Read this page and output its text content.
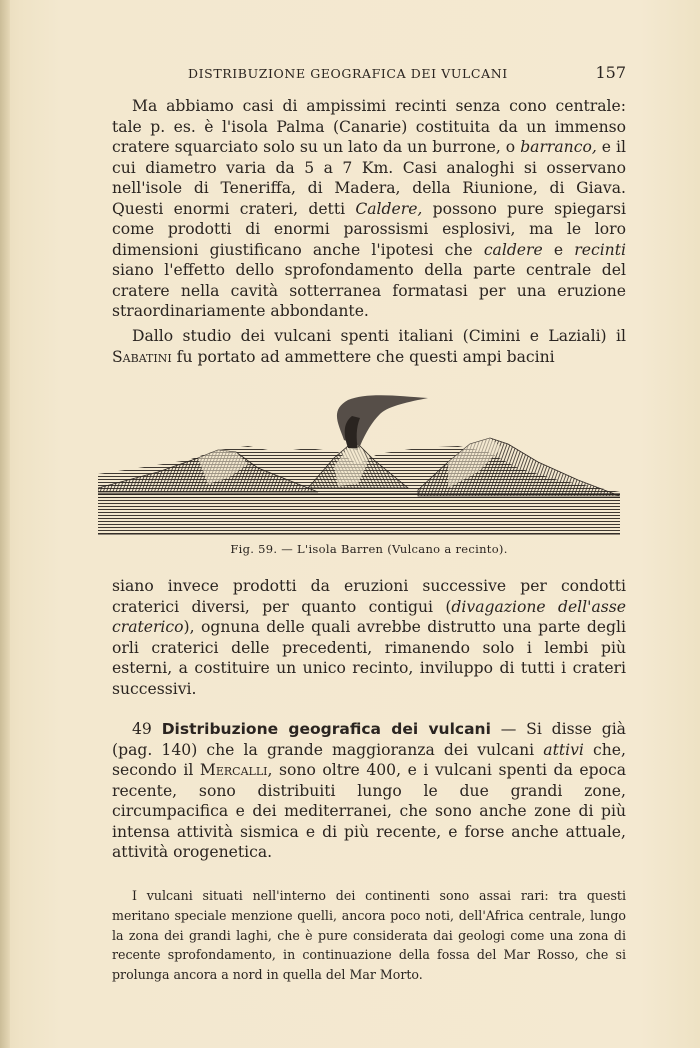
DISTRIBUZIONE GEOGRAFICA DEI VULCANI	157

Ma abbiamo casi di ampissimi recinti senza cono centrale: tale p. es. è l'isola Palma (Canarie) costituita da un immenso cratere squarciato solo su un lato da un burrone, o barranco, e il cui diametro varia da 5 a 7 Km. Casi analoghi si osservano nell'isole di Teneriffa, di Madera, della Riunione, di Giava. Questi enormi crateri, detti Caldere, possono pure spiegarsi come prodotti di enormi parossismi esplosivi, ma le loro dimensioni giustificano anche l'ipotesi che caldere e recinti siano l'effetto dello sprofondamento della parte centrale del cratere nella cavità sotterranea formatasi per una eruzione straordinariamente abbondante.

Dallo studio dei vulcani spenti italiani (Cimini e Laziali) il Sabatini fu portato ad ammettere che questi ampi bacini

Fig. 59. — L'isola Barren (Vulcano a recinto).

siano invece prodotti da eruzioni successive per condotti craterici diversi, per quanto contigui (divagazione dell'asse craterico), ognuna delle quali avrebbe distrutto una parte degli orli craterici delle precedenti, rimanendo solo i lembi più esterni, a costituire un unico recinto, inviluppo di tutti i crateri successivi.

49 Distribuzione geografica dei vulcani — Si disse già (pag. 140) che la grande maggioranza dei vulcani attivi che, secondo il Mercalli, sono oltre 400, e i vulcani spenti da epoca recente, sono distribuiti lungo le due grandi zone, circumpacifica e dei mediterranei, che sono anche zone di più intensa attività sismica e di più recente, e forse anche attuale, attività orogenetica.

I vulcani situati nell'interno dei continenti sono assai rari: tra questi meritano speciale menzione quelli, ancora poco noti, dell'Africa centrale, lungo la zona dei grandi laghi, che è pure considerata dai geologi come una zona di recente sprofondamento, in continuazione della fossa del Mar Rosso, che si prolunga ancora a nord in quella del Mar Morto.
